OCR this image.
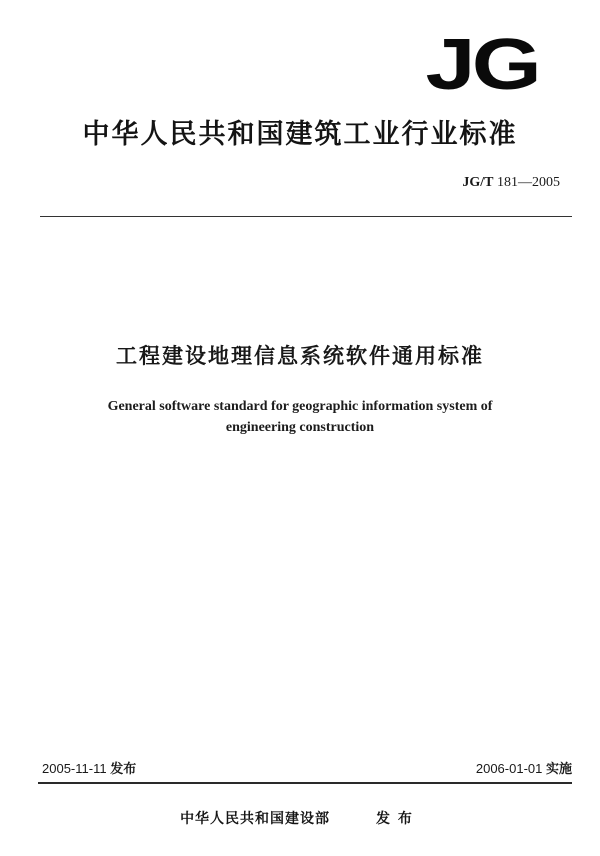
JG
中华人民共和国建筑工业行业标准
JG/T 181—2005
工程建设地理信息系统软件通用标准
General software standard for geographic information system of
engineering construction
2005-11-11 发布	2006-01-01 实施
中华人民共和国建设部	发布
